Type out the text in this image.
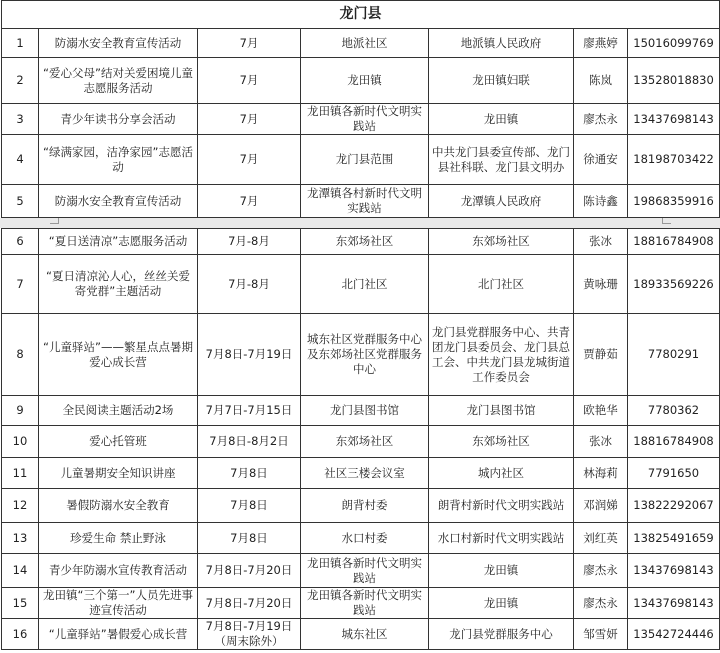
龙门县						
1	防溺水安全教育宣传活动	7月	地派社区	地派镇人民政府	廖燕婷	15016099769
2	“爱心父母”结对关爱困境儿童志愿服务活动	7月	龙田镇	龙田镇妇联	陈岚	13528018830
3	青少年读书分享会活动	7月	龙田镇各新时代文明实践站	龙田镇	廖杰永	13437698143
4	“绿满家园，洁净家园”志愿活动	7月	龙门县范围	中共龙门县委宣传部、龙门县社科联、龙门县文明办	徐通安	18198703422
5	防溺水安全教育宣传活动	7月	龙潭镇各村新时代文明实践站	龙潭镇人民政府	陈诗鑫	19868359916
6	“夏日送清凉”志愿服务活动	7月-8月	东郊场社区	东郊场社区	张冰	18816784908
7	“夏日清凉沁人心，丝丝关爱寄党群”主题活动	7月-8月	北门社区	北门社区	黄咏珊	18933569226
8	“儿童驿站”——繁星点点暑期爱心成长营	7月8日-7月19日	城东社区党群服务中心及东郊场社区党群服务中心	龙门县党群服务中心、共青团龙门县委员会、龙门县总工会、中共龙门县龙城街道工作委员会	贾静茹	7780291
9	全民阅读主题活动2场	7月7日-7月15日	龙门县图书馆	龙门县图书馆	欧艳华	7780362
10	爱心托管班	7月8日-8月2日	东郊场社区	东郊场社区	张冰	18816784908
11	儿童暑期安全知识讲座	7月8日	社区三楼会议室	城内社区	林海莉	7791650
12	暑假防溺水安全教育	7月8日	朗背村委	朗背村新时代文明实践站	邓润娣	13822292067
13	珍爱生命 禁止野泳	7月8日	水口村委	水口村新时代文明实践站	刘红英	13825491659
14	青少年防溺水宣传教育活动	7月8日-7月20日	龙田镇各新时代文明实践站	龙田镇	廖杰永	13437698143
15	龙田镇“三个第一”人员先进事迹宣传活动	7月8日-7月20日	龙田镇各新时代文明实践站	龙田镇	廖杰永	13437698143
16	“儿童驿站”暑假爱心成长营	7月8日-7月19日（周末除外）	城东社区	龙门县党群服务中心	邹雪妍	13542724446
